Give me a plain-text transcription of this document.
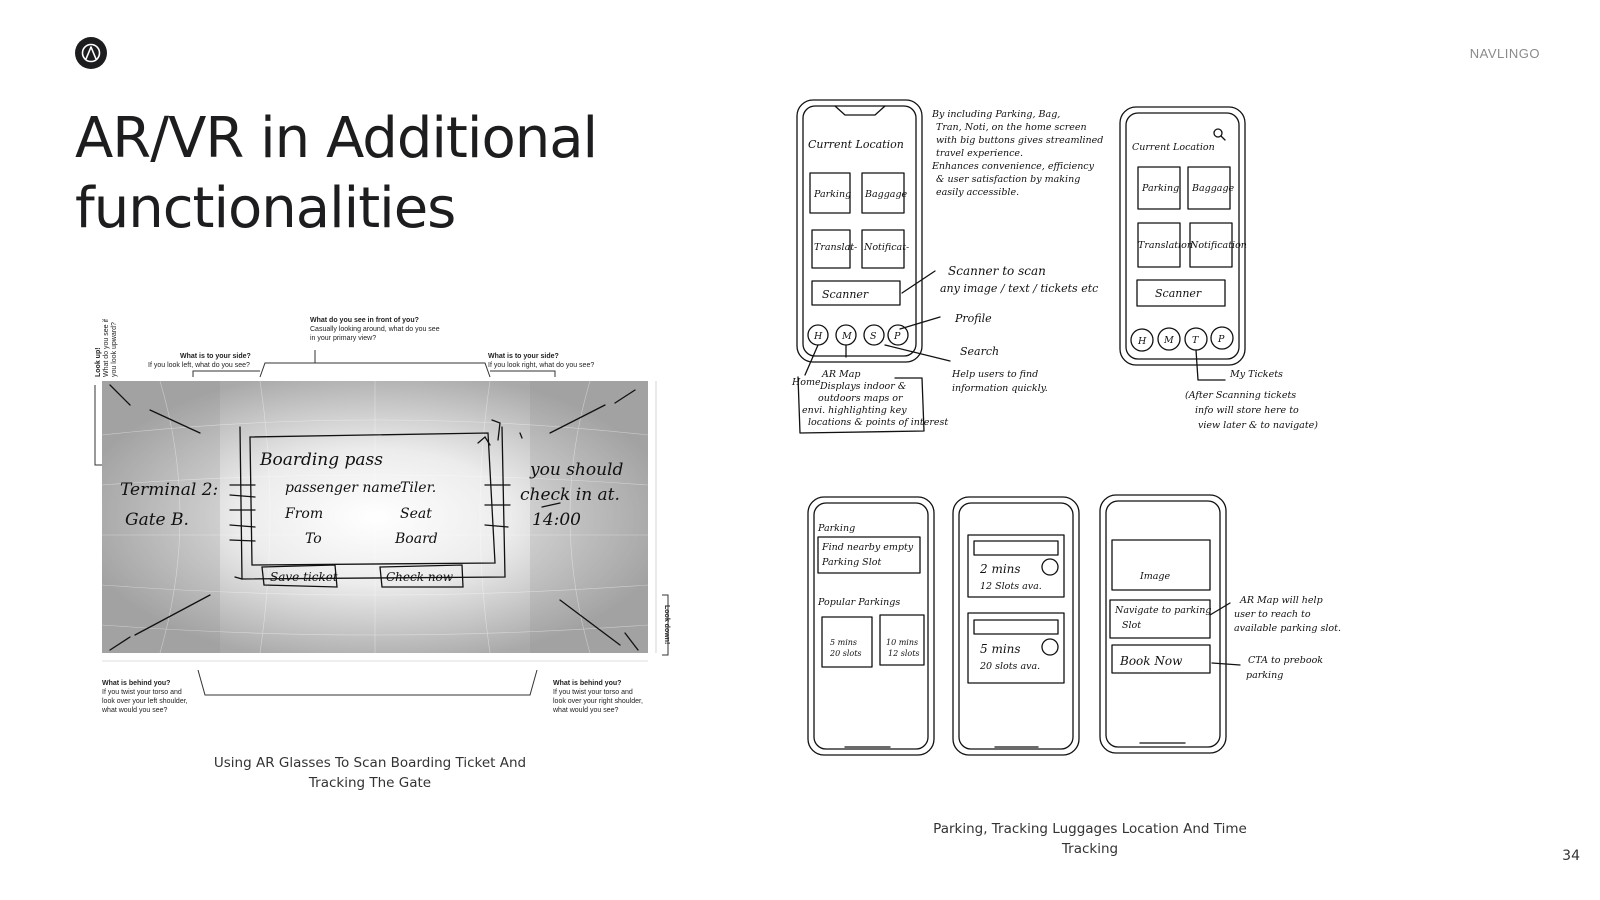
NAVLINGO
AR/VR in Additional
functionalities
What do you see in front of you?
Casually looking around, what do you see
in your primary view?
What is to your side?
If you look left, what do you see?
What is to your side?
If you look right, what do you see?
What is behind you?
If you twist your torso and
look over your left shoulder,
what would you see?
What is behind you?
If you twist your torso and
look over your right shoulder,
what would you see?
Look up! What do you see if you look upward?
Look down!
Boarding pass
passenger name
Tiler.
From	Seat
To	Board
Save ticket	Check now
Terminal 2:
Gate B.
you should
check in at.
14:00
Using AR Glasses To Scan Boarding Ticket And
Tracking The Gate
Current Location
Parking Baggage
Translat- Notificat-
Scanner
H M S P
By including Parking, Bag,
Tran, Noti, on the home screen
with big buttons gives streamlined
travel experience.
Enhances convenience, efficiency
& user satisfaction by making
easily accessible.
Scanner to scan
any image / text / tickets etc
Profile
Search
Help users to find
information quickly.
Home
AR Map
Displays indoor &
outdoors maps or
envi. highlighting key
locations & points of interest
Current Location
Parking Baggage
Translation
Notification
Scanner
H M T P
My Tickets
(After Scanning tickets
info will store here to
view later & to navigate)
Parking
Find nearby empty
Parking Slot
Popular Parkings
5 mins
20 slots
10 mins
12 slots
2 mins
12 Slots ava.
5 mins
20 slots ava.
Image
Navigate to parking
Slot
Book Now
AR Map will help
user to reach to
available parking slot.
CTA to prebook
parking
Parking, Tracking Luggages Location And Time
Tracking	34
